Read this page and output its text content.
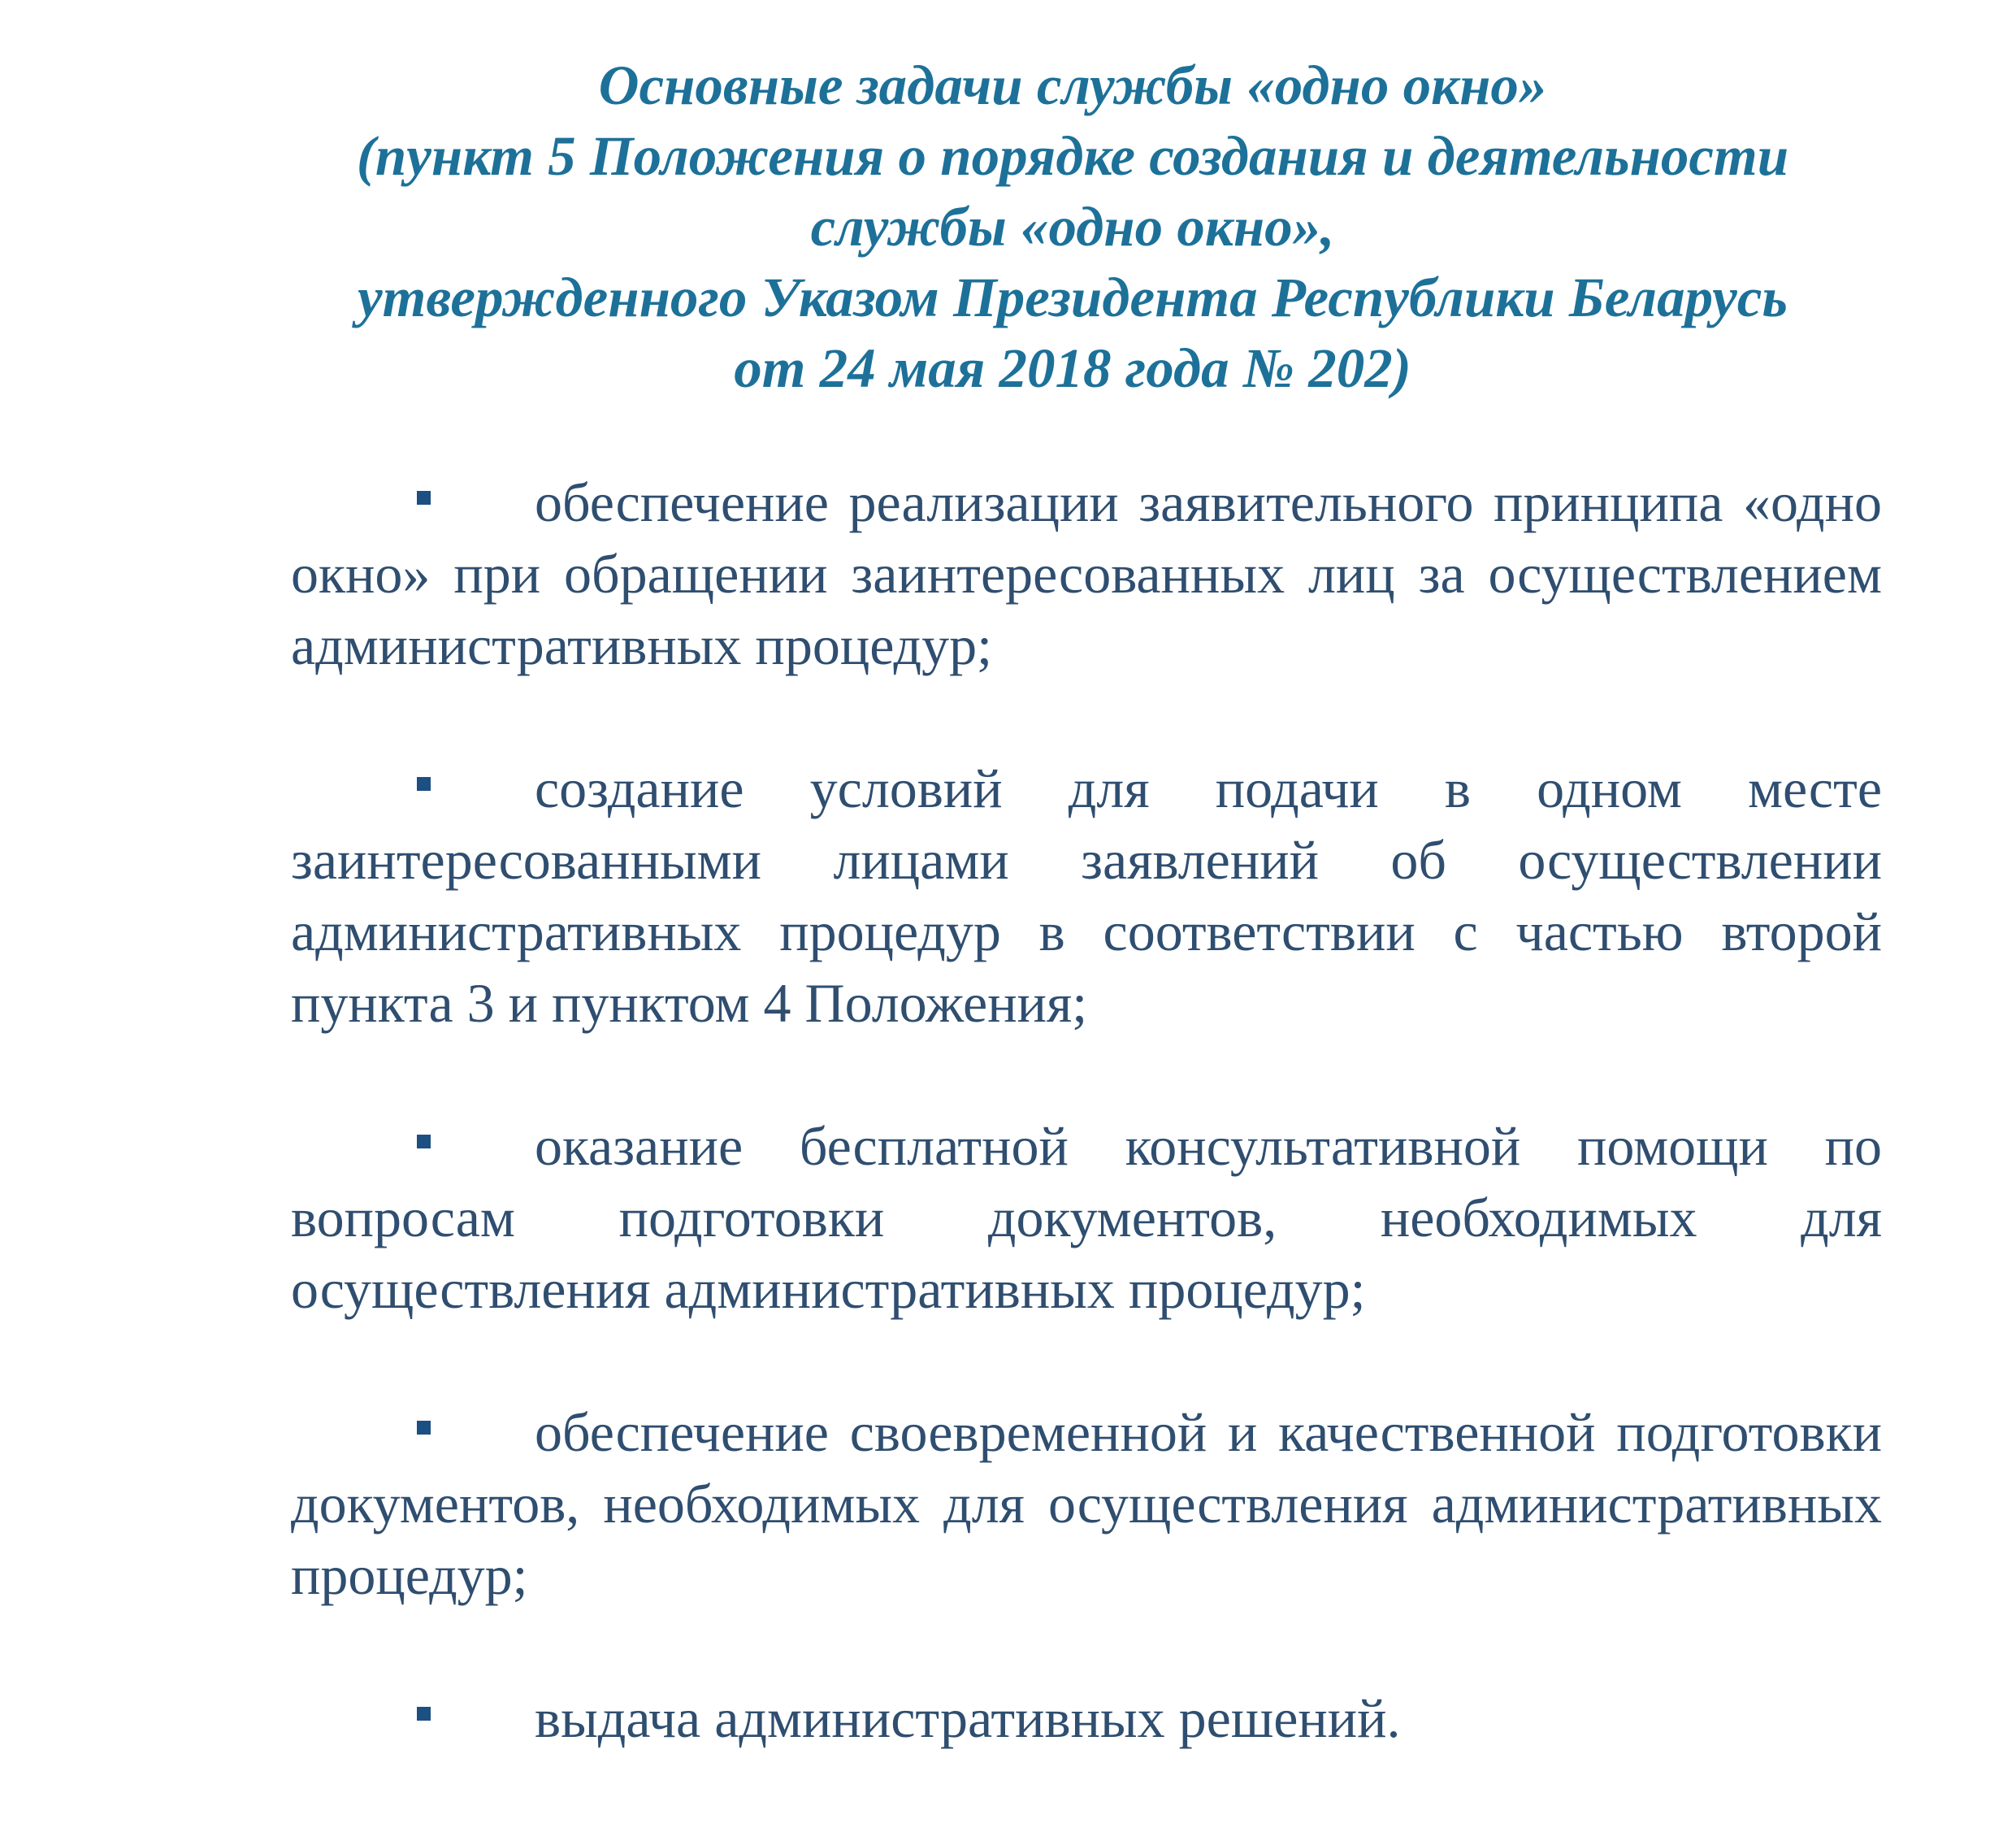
Основные задачи службы «одно окно»
(пункт 5 Положения о порядке создания и деятельности
службы «одно окно»,
утвержденного Указом Президента Республики Беларусь
от 24 мая 2018 года № 202)
обеспечение реализации заявительного принципа «одно окно» при обращении заинтересованных лиц за осуществлением административных процедур;
создание условий для подачи в одном месте заинтересованными лицами заявлений об осуществлении административных процедур в соответствии с частью второй пункта 3 и пунктом 4 Положения;
оказание бесплатной консультативной помощи по вопросам подготовки документов, необходимых для осуществления административных процедур;
обеспечение своевременной и качественной подготовки документов, необходимых для осуществления административных процедур;
выдача административных решений.
